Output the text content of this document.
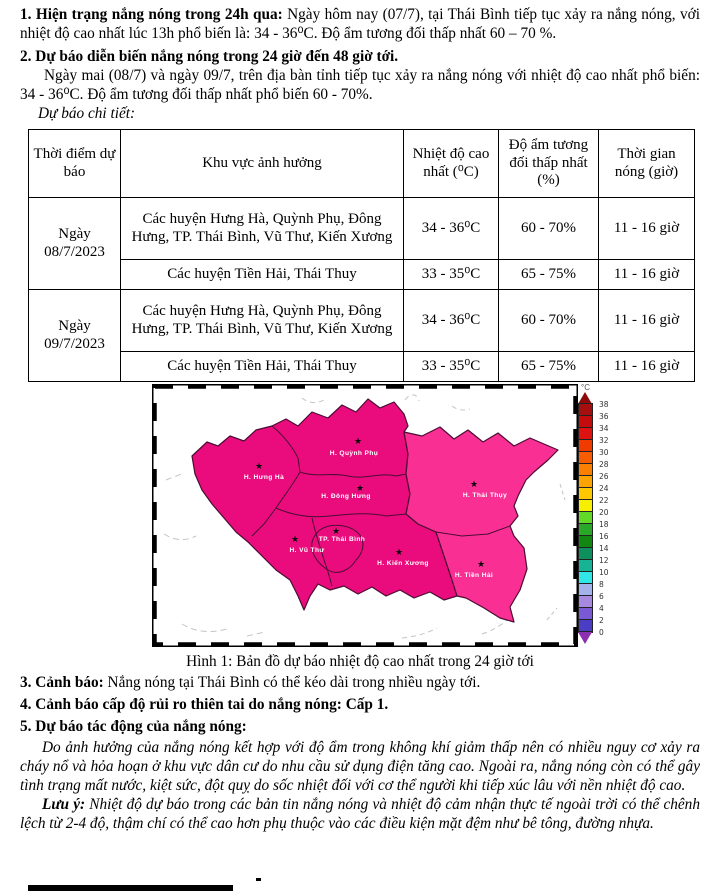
1. Hiện trạng nắng nóng trong 24h qua: Ngày hôm nay (07/7), tại Thái Bình tiếp tục xảy ra nắng nóng, với nhiệt độ cao nhất lúc 13h phổ biến là: 34 - 36⁰C. Độ ẩm tương đối thấp nhất 60 – 70 %.

2. Dự báo diễn biến nắng nóng trong 24 giờ đến 48 giờ tới.

Ngày mai (08/7) và ngày 09/7, trên địa bàn tỉnh tiếp tục xảy ra nắng nóng với nhiệt độ cao nhất phổ biến: 34 - 36⁰C. Độ ẩm tương đối thấp nhất phổ biến 60 - 70%.

Dự báo chi tiết:

Thời điểm dự báo	Khu vực ảnh hưởng	Nhiệt độ cao nhất (⁰C)	Độ ẩm tương đối thấp nhất (%)	Thời gian nóng (giờ)
Ngày 08/7/2023	Các huyện Hưng Hà, Quỳnh Phụ, Đông Hưng, TP. Thái Bình, Vũ Thư, Kiến Xương	34 - 36⁰C	60 - 70%	11 - 16 giờ
	Các huyện Tiền Hải, Thái Thuy	33 - 35⁰C	65 - 75%	11 - 16 giờ
Ngày 09/7/2023	Các huyện Hưng Hà, Quỳnh Phụ, Đông Hưng, TP. Thái Bình, Vũ Thư, Kiến Xương	34 - 36⁰C	60 - 70%	11 - 16 giờ
	Các huyện Tiền Hải, Thái Thuy	33 - 35⁰C	65 - 75%	11 - 16 giờ
★
H. Quỳnh Phụ
★
H. Hưng Hà
★
H. Đông Hưng
★
H. Thái Thụy
★
TP. Thái Bình
★
H. Vũ Thư	★
H. Kiến Xương	★
H. Tiền Hải
°C
38
36
34
32
30
28
26
24
22
20
18
16
14
12
10
8
6
4
2
0

Hình 1: Bản đồ dự báo nhiệt độ cao nhất trong 24 giờ tới

3. Cảnh báo: Nắng nóng tại Thái Bình có thể kéo dài trong nhiều ngày tới.

4. Cảnh báo cấp độ rủi ro thiên tai do nắng nóng: Cấp 1.

5. Dự báo tác động của nắng nóng:

Do ảnh hưởng của nắng nóng kết hợp với độ ẩm trong không khí giảm thấp nên có nhiều nguy cơ xảy ra cháy nổ và hỏa hoạn ở khu vực dân cư do nhu cầu sử dụng điện tăng cao. Ngoài ra, nắng nóng còn có thể gây tình trạng mất nước, kiệt sức, đột quỵ do sốc nhiệt đối với cơ thể người khi tiếp xúc lâu với nền nhiệt độ cao.

Lưu ý: Nhiệt độ dự báo trong các bản tin nắng nóng và nhiệt độ cảm nhận thực tế ngoài trời có thể chênh lệch từ 2-4 độ, thậm chí có thể cao hơn phụ thuộc vào các điều kiện mặt đệm như bê tông, đường nhựa.
